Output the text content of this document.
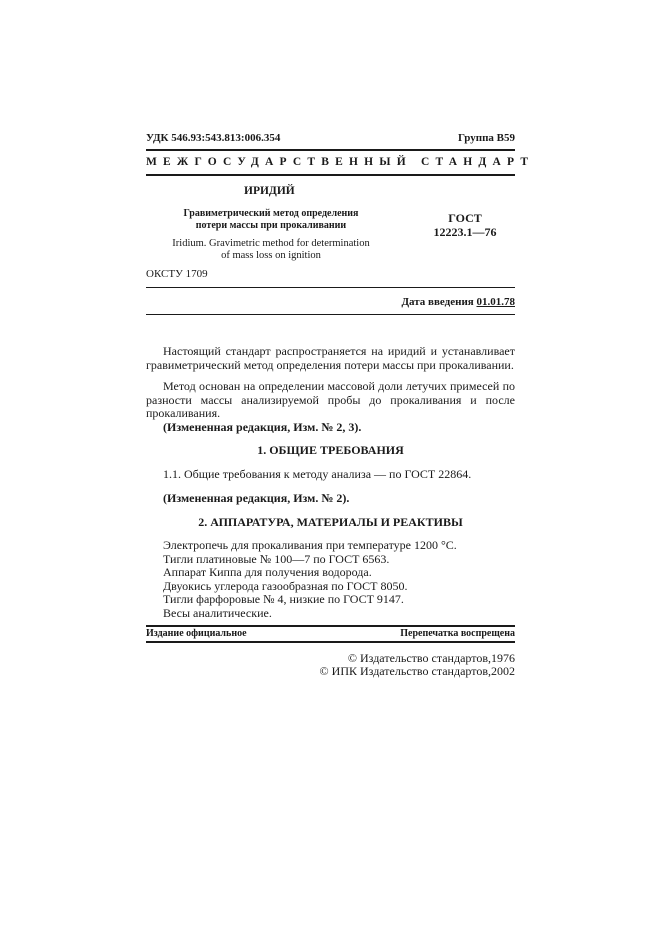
УДК 546.93:543.813:006.354	Группа В59
МЕЖГОСУДАРСТВЕННЫЙ СТАНДАРТ
ИРИДИЙ
Гравиметрический метод определения
потери массы при прокаливании
ГОСТ
12223.1—76
Iridium. Gravimetric method for determination
of mass loss on ignition
ОКСТУ 1709
Дата введения 01.01.78
Настоящий стандарт распространяется на иридий и устанавливает гравиметрический метод определения потери массы при прокаливании.
Метод основан на определении массовой доли летучих примесей по разности массы анализируемой пробы до прокаливания и после прокаливания.
(Измененная редакция, Изм. № 2, 3).
1. ОБЩИЕ ТРЕБОВАНИЯ
1.1. Общие требования к методу анализа — по ГОСТ 22864.
(Измененная редакция, Изм. № 2).
2. АППАРАТУРА, МАТЕРИАЛЫ И РЕАКТИВЫ
Электропечь для прокаливания при температуре 1200 °С.
Тигли платиновые № 100—7 по ГОСТ 6563.
Аппарат Киппа для получения водорода.
Двуокись углерода газообразная по ГОСТ 8050.
Тигли фарфоровые № 4, низкие по ГОСТ 9147.
Весы аналитические.
Издание официальное	Перепечатка воспрещена
© Издательство стандартов,1976
© ИПК Издательство стандартов,2002
